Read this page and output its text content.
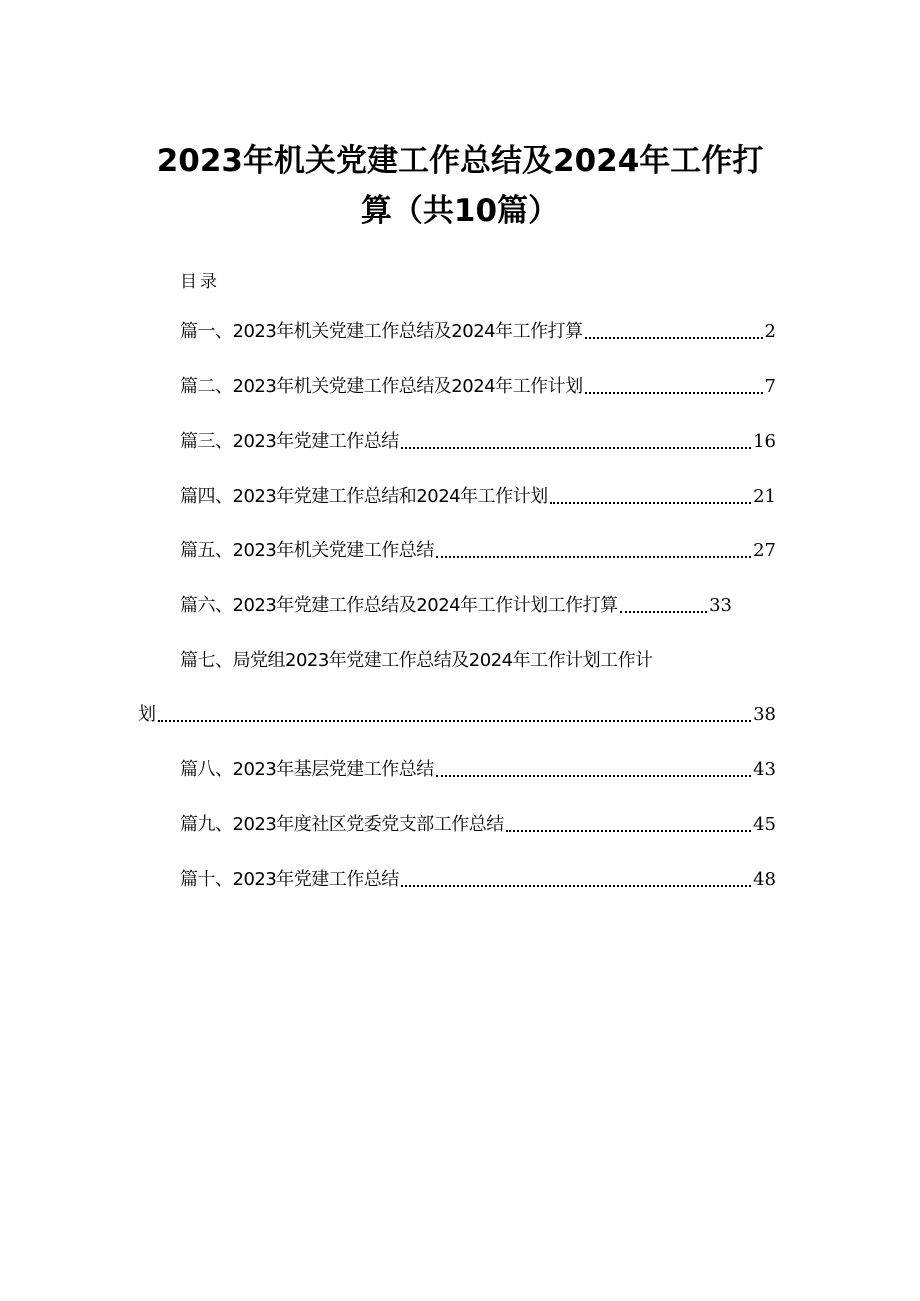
2023年机关党建工作总结及2024年工作打
算（共10篇）
目录
篇一、2023年机关党建工作总结及2024年工作打算	2
篇二、2023年机关党建工作总结及2024年工作计划	7
篇三、2023年党建工作总结	16
篇四、2023年党建工作总结和2024年工作计划	21
篇五、2023年机关党建工作总结	27
篇六、2023年党建工作总结及2024年工作计划工作打算	33
篇七、局党组2023年党建工作总结及2024年工作计划工作计
划	38
篇八、2023年基层党建工作总结	43
篇九、2023年度社区党委党支部工作总结	45
篇十、2023年党建工作总结	48
